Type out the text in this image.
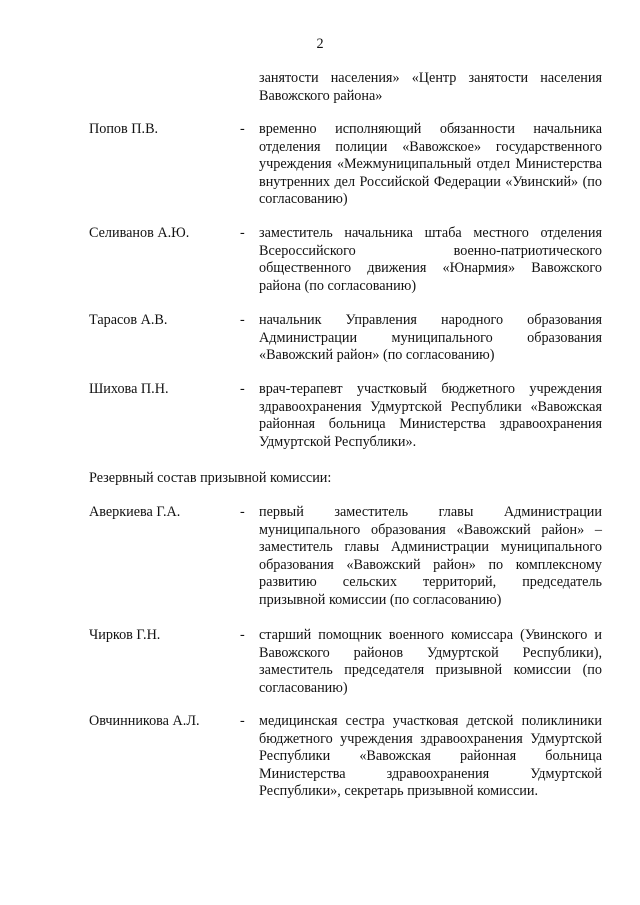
2
занятости населения» «Центр занятости населения Вавожского района»
Попов П.В.	- временно исполняющий обязанности начальника отделения полиции «Вавожское» государственного учреждения «Межмуниципальный отдел Министерства внутренних дел Российской Федерации «Увинский» (по согласованию)
Селиванов А.Ю.	- заместитель начальника штаба местного отделения Всероссийского военно-патриотического общественного движения «Юнармия» Вавожского района (по согласованию)
Тарасов А.В.	- начальник Управления народного образования Администрации муниципального образования «Вавожский район» (по согласованию)
Шихова П.Н.	- врач-терапевт участковый бюджетного учреждения здравоохранения Удмуртской Республики «Вавожская районная больница Министерства здравоохранения Удмуртской Республики».
Резервный состав призывной комиссии:
Аверкиева Г.А.	- первый заместитель главы Администрации муниципального образования «Вавожский район» – заместитель главы Администрации муниципального образования «Вавожский район» по комплексному развитию сельских территорий, председатель призывной комиссии (по согласованию)
Чирков Г.Н.	- старший помощник военного комиссара (Увинского и Вавожского районов Удмуртской Республики), заместитель председателя призывной комиссии (по согласованию)
Овчинникова А.Л.	- медицинская сестра участковая детской поликлиники бюджетного учреждения здравоохранения Удмуртской Республики «Вавожская районная больница Министерства здравоохранения Удмуртской Республики», секретарь призывной комиссии.
